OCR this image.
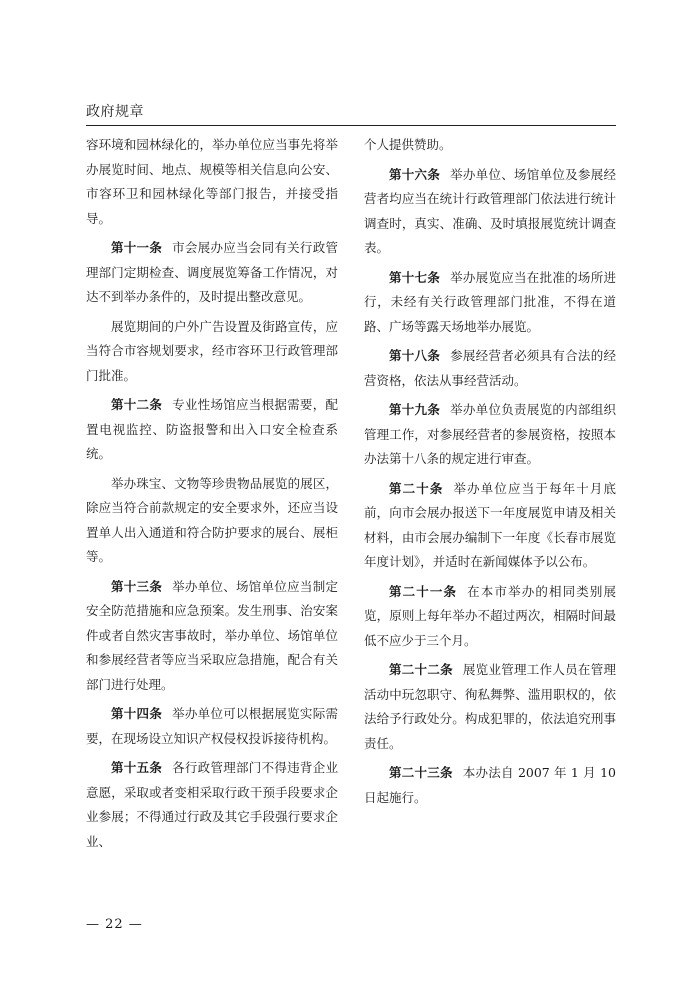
政府规章

容环境和园林绿化的，举办单位应当事先将举办展览时间、地点、规模等相关信息向公安、市容环卫和园林绿化等部门报告，并接受指导。

第十一条 市会展办应当会同有关行政管理部门定期检查、调度展览筹备工作情况，对达不到举办条件的，及时提出整改意见。

展览期间的户外广告设置及街路宣传，应当符合市容规划要求，经市容环卫行政管理部门批准。

第十二条 专业性场馆应当根据需要，配置电视监控、防盗报警和出入口安全检查系统。

举办珠宝、文物等珍贵物品展览的展区，除应当符合前款规定的安全要求外，还应当设置单人出入通道和符合防护要求的展台、展柜等。

第十三条 举办单位、场馆单位应当制定安全防范措施和应急预案。发生刑事、治安案件或者自然灾害事故时，举办单位、场馆单位和参展经营者等应当采取应急措施，配合有关部门进行处理。

第十四条 举办单位可以根据展览实际需要，在现场设立知识产权侵权投诉接待机构。

第十五条 各行政管理部门不得违背企业意愿，采取或者变相采取行政干预手段要求企业参展；不得通过行政及其它手段强行要求企业、

个人提供赞助。

第十六条 举办单位、场馆单位及参展经营者均应当在统计行政管理部门依法进行统计调查时，真实、准确、及时填报展览统计调查表。

第十七条 举办展览应当在批准的场所进行，未经有关行政管理部门批准，不得在道路、广场等露天场地举办展览。

第十八条 参展经营者必须具有合法的经营资格，依法从事经营活动。

第十九条 举办单位负责展览的内部组织管理工作，对参展经营者的参展资格，按照本办法第十八条的规定进行审查。

第二十条 举办单位应当于每年十月底前，向市会展办报送下一年度展览申请及相关材料，由市会展办编制下一年度《长春市展览年度计划》，并适时在新闻媒体予以公布。

第二十一条 在本市举办的相同类别展览，原则上每年举办不超过两次，相隔时间最低不应少于三个月。

第二十二条 展览业管理工作人员在管理活动中玩忽职守、徇私舞弊、滥用职权的，依法给予行政处分。构成犯罪的，依法追究刑事责任。

第二十三条 本办法自 2007 年 1 月 10 日起施行。

— 22 —
